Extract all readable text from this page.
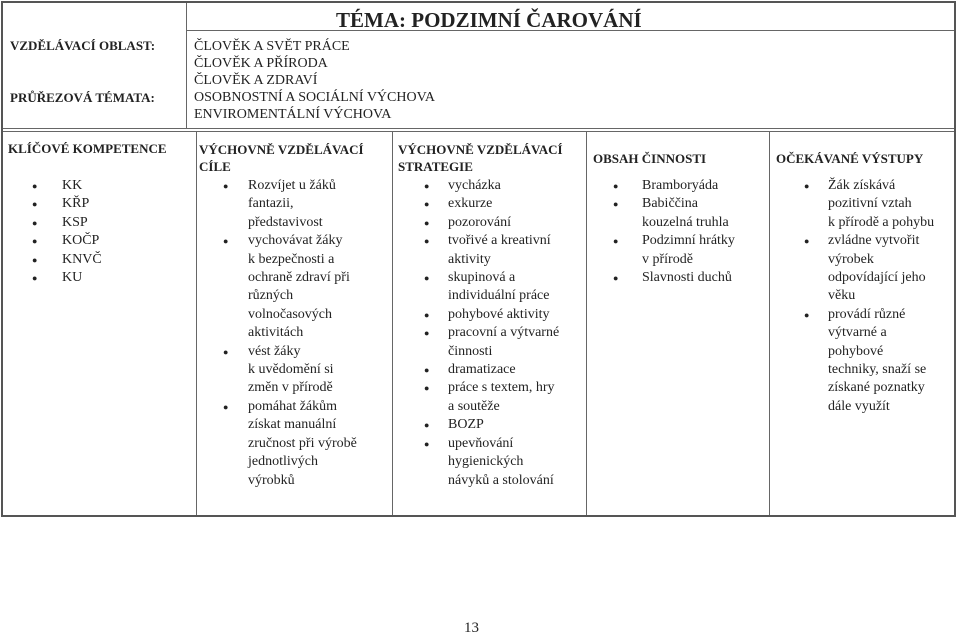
TÉMA: PODZIMNÍ ČAROVÁNÍ
VZDĚLÁVACÍ OBLAST:
PRŮŘEZOVÁ TÉMATA:
ČLOVĚK A SVĚT PRÁCE
ČLOVĚK A PŘÍRODA
ČLOVĚK A ZDRAVÍ
OSOBNOSTNÍ A SOCIÁLNÍ VÝCHOVA
ENVIROMENTÁLNÍ VÝCHOVA
KLÍČOVÉ KOMPETENCE VÝCHOVNĚ VZDĚLÁVACÍ
CÍLE
VÝCHOVNĚ VZDĚLÁVACÍ
STRATEGIE
OBSAH ČINNOSTI	OČEKÁVANÉ VÝSTUPY
● KK
● KŘP
● KSP
● KOČP
● KNVČ
● KU
● Rozvíjet u žáků
fantazii,
představivost
● vychovávat žáky
k bezpečnosti a
ochraně zdraví při
různých
volnočasových
aktivitách
● vést žáky
k uvědomění si
změn v přírodě
● pomáhat žákům
získat manuální
zručnost při výrobě
jednotlivých
výrobků
● vycházka
● exkurze
● pozorování
● tvořivé a kreativní
aktivity
● skupinová a
individuální práce
● pohybové aktivity
● pracovní a výtvarné
činnosti
● dramatizace
● práce s textem, hry
a soutěže
● BOZP
● upevňování
hygienických
návyků a stolování
● Bramboryáda
● Babiččina
kouzelná truhla
● Podzimní hrátky
v přírodě
● Slavnosti duchů
● Žák získává
pozitivní vztah
k přírodě a pohybu
● zvládne vytvořit
výrobek
odpovídající jeho
věku
● provádí různé
výtvarné a
pohybové
techniky, snaží se
získané poznatky
dále využít
13
